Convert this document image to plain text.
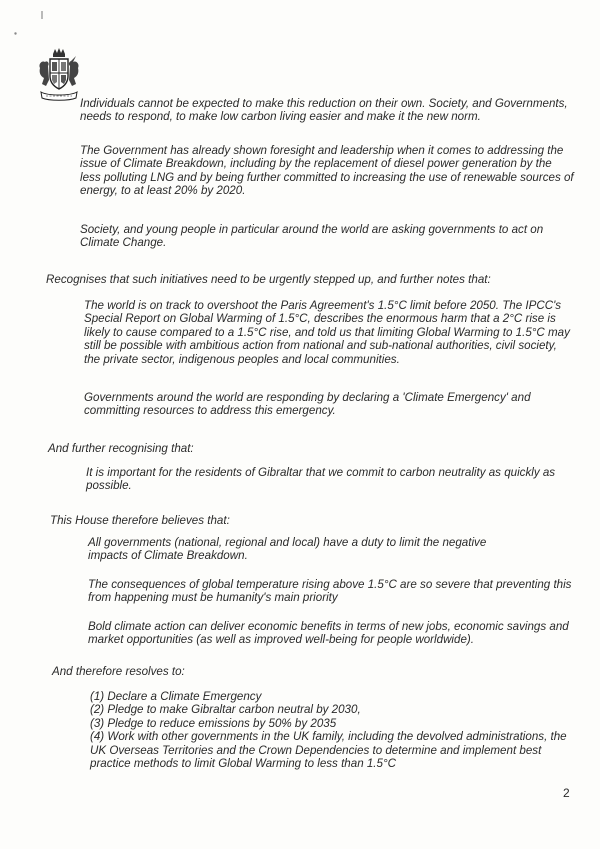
Individuals cannot be expected to make this reduction on their own. Society, and Governments, needs to respond, to make low carbon living easier and make it the new norm.

The Government has already shown foresight and leadership when it comes to addressing the issue of Climate Breakdown, including by the replacement of diesel power generation by the less polluting LNG and by being further committed to increasing the use of renewable sources of energy, to at least 20% by 2020.

Society, and young people in particular around the world are asking governments to act on Climate Change.

Recognises that such initiatives need to be urgently stepped up, and further notes that:

The world is on track to overshoot the Paris Agreement's 1.5°C limit before 2050. The IPCC's Special Report on Global Warming of 1.5°C, describes the enormous harm that a 2°C rise is likely to cause compared to a 1.5°C rise, and told us that limiting Global Warming to 1.5°C may still be possible with ambitious action from national and sub-national authorities, civil society, the private sector, indigenous peoples and local communities.

Governments around the world are responding by declaring a 'Climate Emergency' and committing resources to address this emergency.

And further recognising that:

It is important for the residents of Gibraltar that we commit to carbon neutrality as quickly as possible.

This House therefore believes that:

All governments (national, regional and local) have a duty to limit the negative impacts of Climate Breakdown.

The consequences of global temperature rising above 1.5°C are so severe that preventing this from happening must be humanity's main priority

Bold climate action can deliver economic benefits in terms of new jobs, economic savings and market opportunities (as well as improved well-being for people worldwide).

And therefore resolves to:

(1) Declare a Climate Emergency
(2) Pledge to make Gibraltar carbon neutral by 2030,
(3) Pledge to reduce emissions by 50% by 2035
(4) Work with other governments in the UK family, including the devolved administrations, the UK Overseas Territories and the Crown Dependencies to determine and implement best practice methods to limit Global Warming to less than 1.5°C
2
